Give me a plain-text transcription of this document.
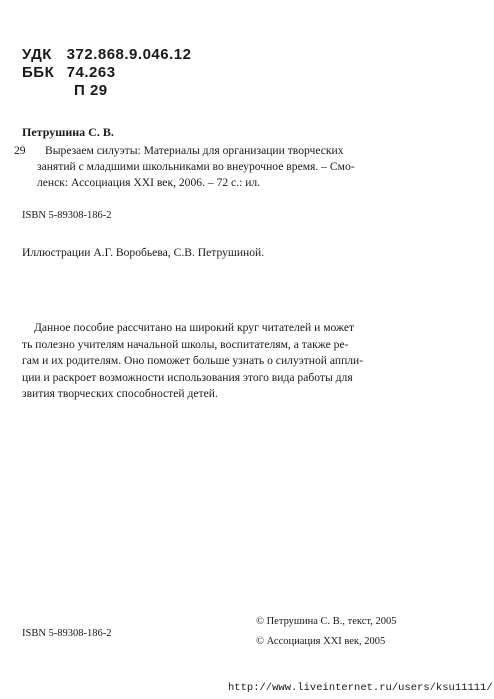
УДК 372.868.9.046.12
ББК 74.263
П 29
Петрушина С. В.
29 Вырезаем силуэты: Материалы для организации творческих
занятий с младшими школьниками во внеурочное время. – Смо-
ленск: Ассоциация XXI век, 2006. – 72 с.: ил.
ISBN 5-89308-186-2
Иллюстрации А.Г. Воробьева, С.В. Петрушиной.
Данное пособие рассчитано на широкий круг читателей и может
ть полезно учителям начальной школы, воспитателям, а также ре-
гам и их родителям. Оно поможет больше узнать о силуэтной аппли-
ции и раскроет возможности использования этого вида работы для
звития творческих способностей детей.
ISBN 5-89308-186-2
© Петрушина С. В., текст, 2005
© Ассоциация XXI век, 2005
http://www.liveinternet.ru/users/ksu11111/
